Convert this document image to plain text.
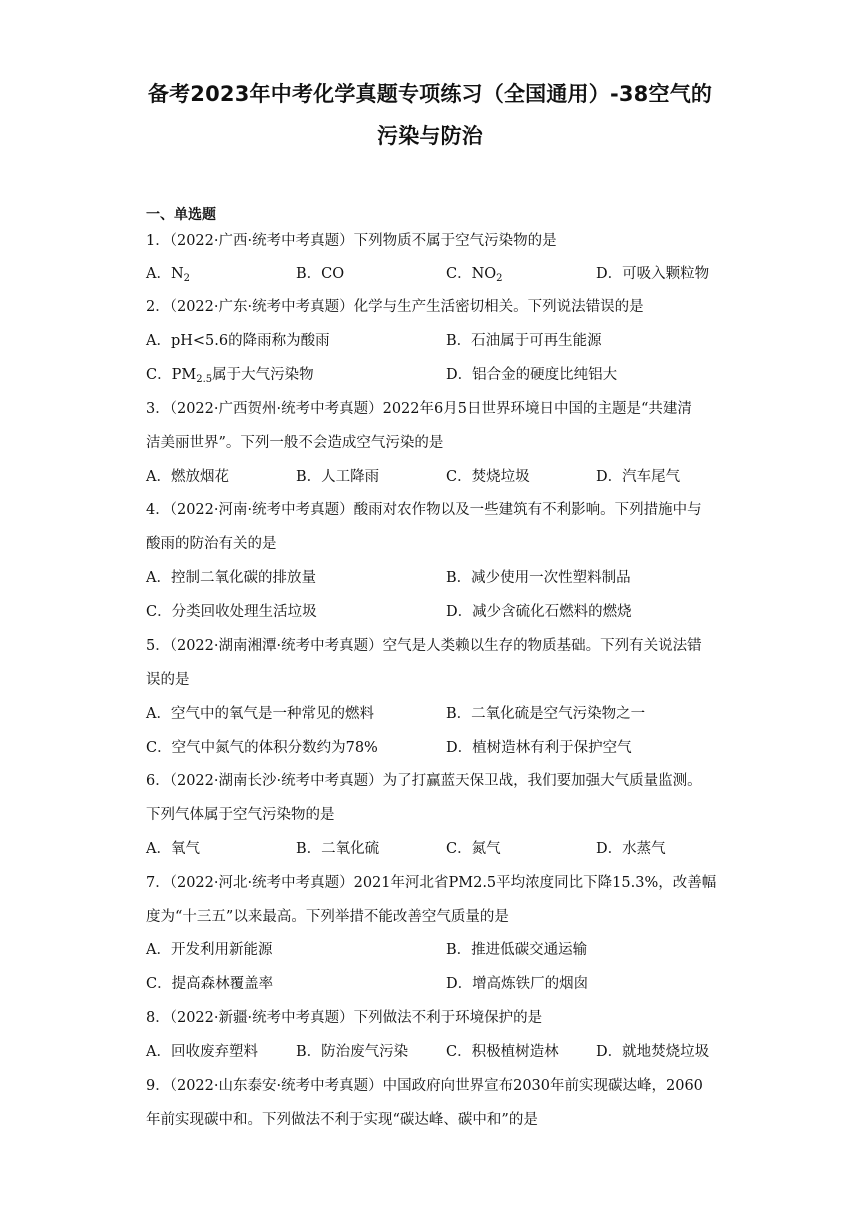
备考2023年中考化学真题专项练习（全国通用）-38空气的
污染与防治
一、单选题
1．（2022·广西·统考中考真题）下列物质不属于空气污染物的是
A．$N_2$	B．CO	C．$NO_2$	D．可吸入颗粒物
2．（2022·广东·统考中考真题）化学与生产生活密切相关。下列说法错误的是
A．pH<5.6的降雨称为酸雨	B．石油属于可再生能源
C．$PM_{2.5}$属于大气污染物	D．铝合金的硬度比纯铝大
3．（2022·广西贺州·统考中考真题）2022年6月5日世界环境日中国的主题是“共建清
洁美丽世界”。下列一般不会造成空气污染的是
A．燃放烟花	B．人工降雨	C．焚烧垃圾	D．汽车尾气
4．（2022·河南·统考中考真题）酸雨对农作物以及一些建筑有不利影响。下列措施中与
酸雨的防治有关的是
A．控制二氧化碳的排放量	B．减少使用一次性塑料制品
C．分类回收处理生活垃圾	D．减少含硫化石燃料的燃烧
5．（2022·湖南湘潭·统考中考真题）空气是人类赖以生存的物质基础。下列有关说法错
误的是
A．空气中的氧气是一种常见的燃料	B．二氧化硫是空气污染物之一
C．空气中氮气的体积分数约为78%	D．植树造林有利于保护空气
6．（2022·湖南长沙·统考中考真题）为了打赢蓝天保卫战，我们要加强大气质量监测。
下列气体属于空气污染物的是
A．氧气	B．二氧化硫	C．氮气	D．水蒸气
7．（2022·河北·统考中考真题）2021年河北省PM2.5平均浓度同比下降15.3%，改善幅
度为“十三五”以来最高。下列举措不能改善空气质量的是
A．开发利用新能源	B．推进低碳交通运输
C．提高森林覆盖率	D．增高炼铁厂的烟囱
8．（2022·新疆·统考中考真题）下列做法不利于环境保护的是
A．回收废弃塑料	B．防治废气污染	C．积极植树造林	D．就地焚烧垃圾
9．（2022·山东泰安·统考中考真题）中国政府向世界宣布2030年前实现碳达峰，2060
年前实现碳中和。下列做法不利于实现“碳达峰、碳中和”的是
